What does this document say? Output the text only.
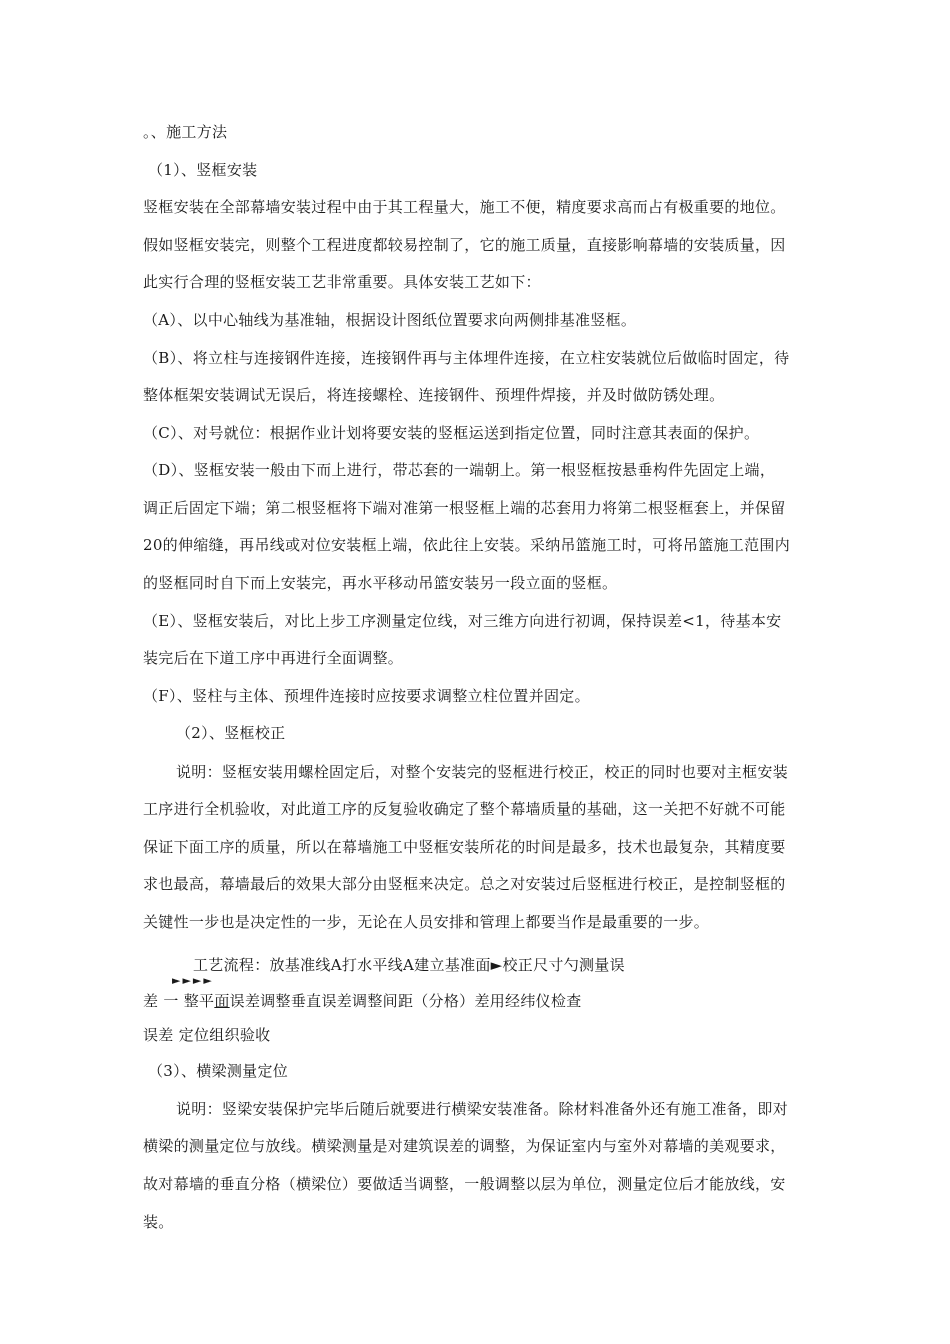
。、施工方法
（1）、竖框安装
竖框安装在全部幕墙安装过程中由于其工程量大，施工不便，精度要求高而占有极重要的地位。
假如竖框安装完，则整个工程进度都较易控制了，它的施工质量，直接影响幕墙的安装质量，因
此实行合理的竖框安装工艺非常重要。具体安装工艺如下：
（A）、以中心轴线为基准轴，根据设计图纸位置要求向两侧排基准竖框。
（B）、将立柱与连接钢件连接，连接钢件再与主体埋件连接，在立柱安装就位后做临时固定，待
整体框架安装调试无误后，将连接螺栓、连接钢件、预埋件焊接，并及时做防锈处理。
（C）、对号就位：根据作业计划将要安装的竖框运送到指定位置，同时注意其表面的保护。
（D）、竖框安装一般由下而上进行，带芯套的一端朝上。第一根竖框按悬垂构件先固定上端，
调正后固定下端；第二根竖框将下端对准第一根竖框上端的芯套用力将第二根竖框套上，并保留
20的伸缩缝，再吊线或对位安装框上端，依此往上安装。采纳吊篮施工时，可将吊篮施工范围内
的竖框同时自下而上安装完，再水平移动吊篮安装另一段立面的竖框。
（E）、竖框安装后，对比上步工序测量定位线，对三维方向进行初调，保持误差<1，待基本安
装完后在下道工序中再进行全面调整。
（F）、竖柱与主体、预埋件连接时应按要求调整立柱位置并固定。
（2）、竖框校正
说明：竖框安装用螺栓固定后，对整个安装完的竖框进行校正，校正的同时也要对主框安装
工序进行全机验收，对此道工序的反复验收确定了整个幕墙质量的基础，这一关把不好就不可能
保证下面工序的质量，所以在幕墙施工中竖框安装所花的时间是最多，技术也最复杂，其精度要
求也最高，幕墙最后的效果大部分由竖框来决定。总之对安装过后竖框进行校正，是控制竖框的
关键性一步也是决定性的一步，无论在人员安排和管理上都要当作是最重要的一步。
工艺流程：放基准线A打水平线A建立基准面►校正尺寸勺测量误
►►►►
差 一 整平面误差调整垂直误差调整间距（分格）差用经纬仪检查
误差 定位组织验收
（3）、横梁测量定位
说明：竖梁安装保护完毕后随后就要进行横梁安装准备。除材料准备外还有施工准备，即对
横梁的测量定位与放线。横梁测量是对建筑误差的调整，为保证室内与室外对幕墙的美观要求，
故对幕墙的垂直分格（横梁位）要做适当调整，一般调整以层为单位，测量定位后才能放线，安
装。
